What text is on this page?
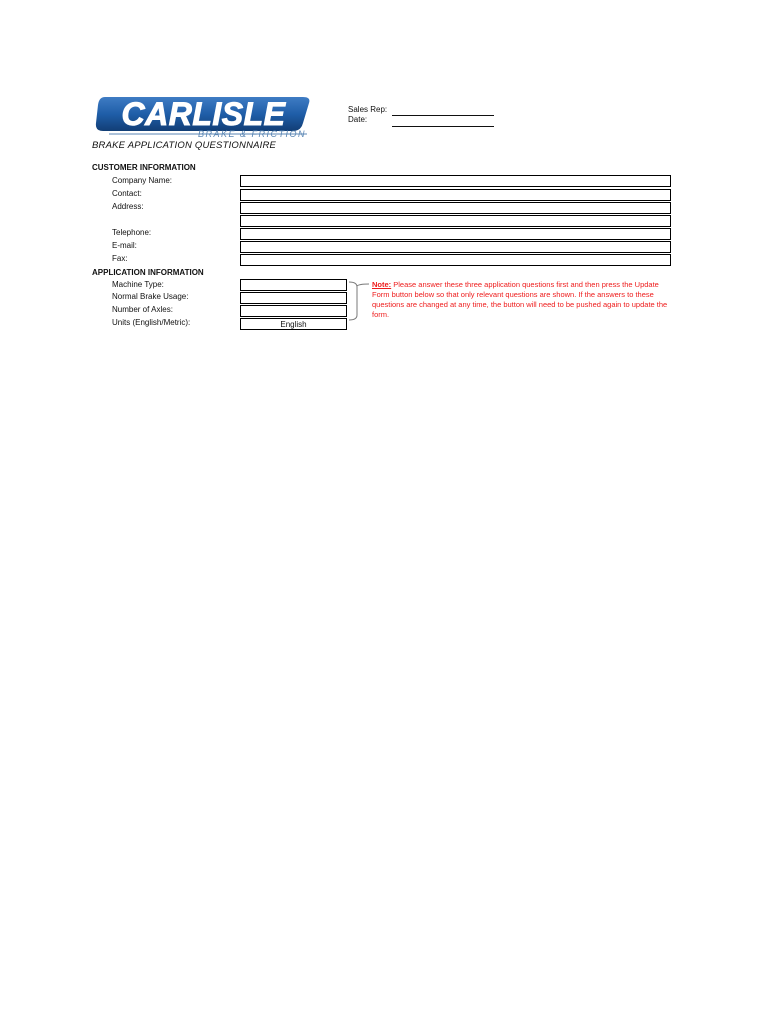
CARLISLE
BRAKE & FRICTION
Sales Rep:
Date:
BRAKE APPLICATION QUESTIONNAIRE
CUSTOMER INFORMATION
Company Name:
Contact:
Address:
Telephone:
E-mail:
Fax:
APPLICATION INFORMATION
Machine Type:
Normal Brake Usage:
Number of Axles:
Units (English/Metric):	English
Note: Please answer these three application questions first and then press the Update Form button below so that only relevant questions are shown. If the answers to these questions are changed at any time, the button will need to be pushed again to update the form.
